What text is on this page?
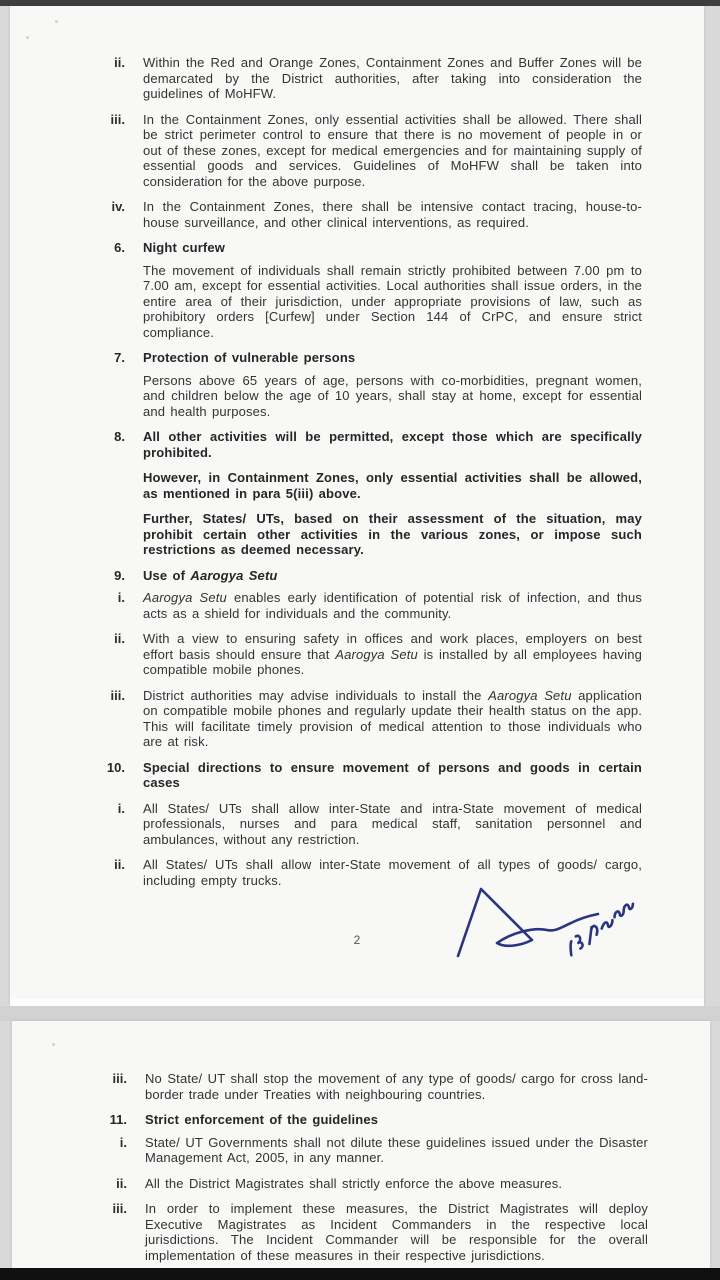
ii.	Within the Red and Orange Zones, Containment Zones and Buffer Zones will be demarcated by the District authorities, after taking into consideration the guidelines of MoHFW.
iii.	In the Containment Zones, only essential activities shall be allowed. There shall be strict perimeter control to ensure that there is no movement of people in or out of these zones, except for medical emergencies and for maintaining supply of essential goods and services. Guidelines of MoHFW shall be taken into consideration for the above purpose.
iv.	In the Containment Zones, there shall be intensive contact tracing, house-to-house surveillance, and other clinical interventions, as required.
6.	Night curfew
The movement of individuals shall remain strictly prohibited between 7.00 pm to 7.00 am, except for essential activities. Local authorities shall issue orders, in the entire area of their jurisdiction, under appropriate provisions of law, such as prohibitory orders [Curfew] under Section 144 of CrPC, and ensure strict compliance.
7.	Protection of vulnerable persons
Persons above 65 years of age, persons with co-morbidities, pregnant women, and children below the age of 10 years, shall stay at home, except for essential and health purposes.
8.	All other activities will be permitted, except those which are specifically prohibited.
However, in Containment Zones, only essential activities shall be allowed, as mentioned in para 5(iii) above.
Further, States/ UTs, based on their assessment of the situation, may prohibit certain other activities in the various zones, or impose such restrictions as deemed necessary.
9.	Use of Aarogya Setu
i.	Aarogya Setu enables early identification of potential risk of infection, and thus acts as a shield for individuals and the community.
ii.	With a view to ensuring safety in offices and work places, employers on best effort basis should ensure that Aarogya Setu is installed by all employees having compatible mobile phones.
iii.	District authorities may advise individuals to install the Aarogya Setu application on compatible mobile phones and regularly update their health status on the app. This will facilitate timely provision of medical attention to those individuals who are at risk.
10.	Special directions to ensure movement of persons and goods in certain cases
i.	All States/ UTs shall allow inter-State and intra-State movement of medical professionals, nurses and para medical staff, sanitation personnel and ambulances, without any restriction.
ii.	All States/ UTs shall allow inter-State movement of all types of goods/ cargo, including empty trucks.
2
iii.	No State/ UT shall stop the movement of any type of goods/ cargo for cross land-border trade under Treaties with neighbouring countries.
11.	Strict enforcement of the guidelines
i.	State/ UT Governments shall not dilute these guidelines issued under the Disaster Management Act, 2005, in any manner.
ii.	All the District Magistrates shall strictly enforce the above measures.
iii.	In order to implement these measures, the District Magistrates will deploy Executive Magistrates as Incident Commanders in the respective local jurisdictions. The Incident Commander will be responsible for the overall implementation of these measures in their respective jurisdictions.
